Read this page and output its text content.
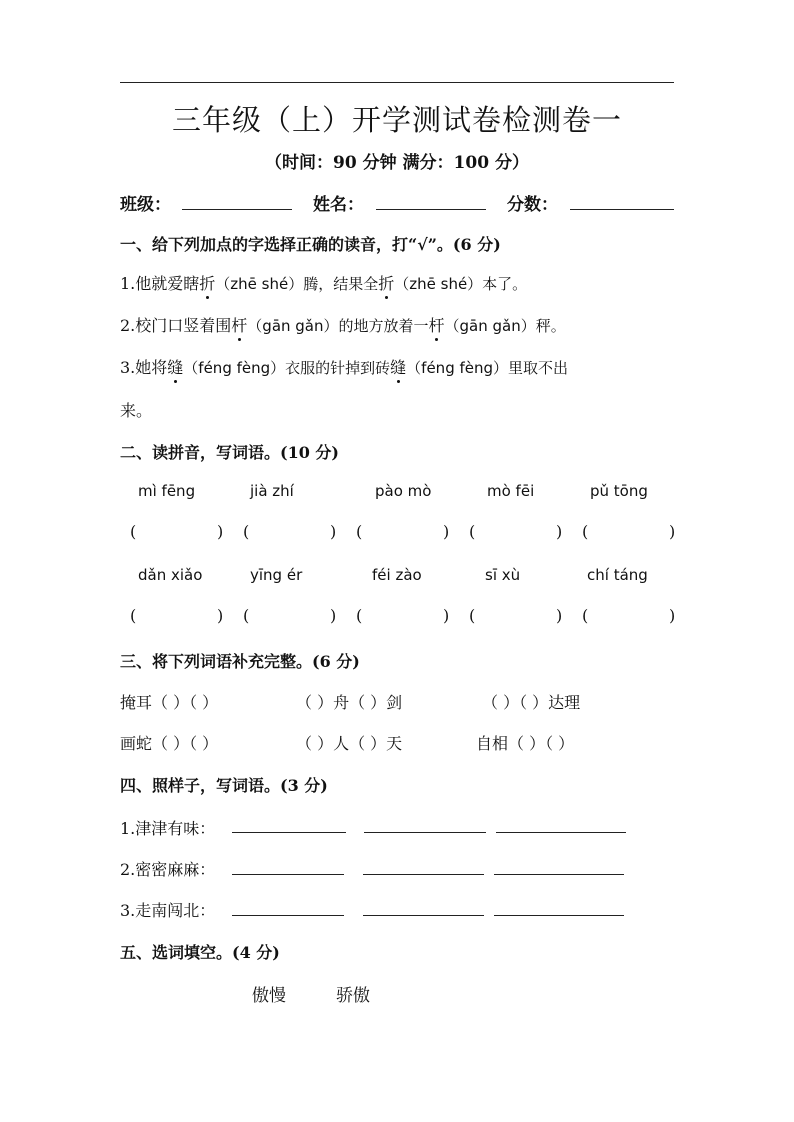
三年级（上）开学测试卷检测卷一
（时间：90 分钟 满分：100 分）
班级：	姓名：	分数：
一、给下列加点的字选择正确的读音，打“√”。(6 分)
1.他就爱瞎折（zhē shé）腾，结果全折（zhē shé）本了。
2.校门口竖着围杆（gān gǎn）的地方放着一杆（gān gǎn）秤。
3.她将缝（féng fèng）衣服的针掉到砖缝（féng fèng）里取不出
来。
二、读拼音，写词语。(10 分)
mì fēng	jià zhí	pào mò	mò fēi	pǔ tōng
(	) (	) (	) (	) (	)
dǎn xiǎo	yīng ér	féi zào	sī xù	chí táng
(	) (	) (	) (	) (	)
三、将下列词语补充完整。(6 分)
掩耳（ ）（ ）	（ ）舟（ ）剑	（ ）（ ）达理
画蛇（ ）（ ）	（ ）人（ ）天	自相（ ）（ ）
四、照样子，写词语。(3 分)
1.津津有味：
2.密密麻麻：
3.走南闯北：
五、选词填空。(4 分)
傲慢	骄傲
